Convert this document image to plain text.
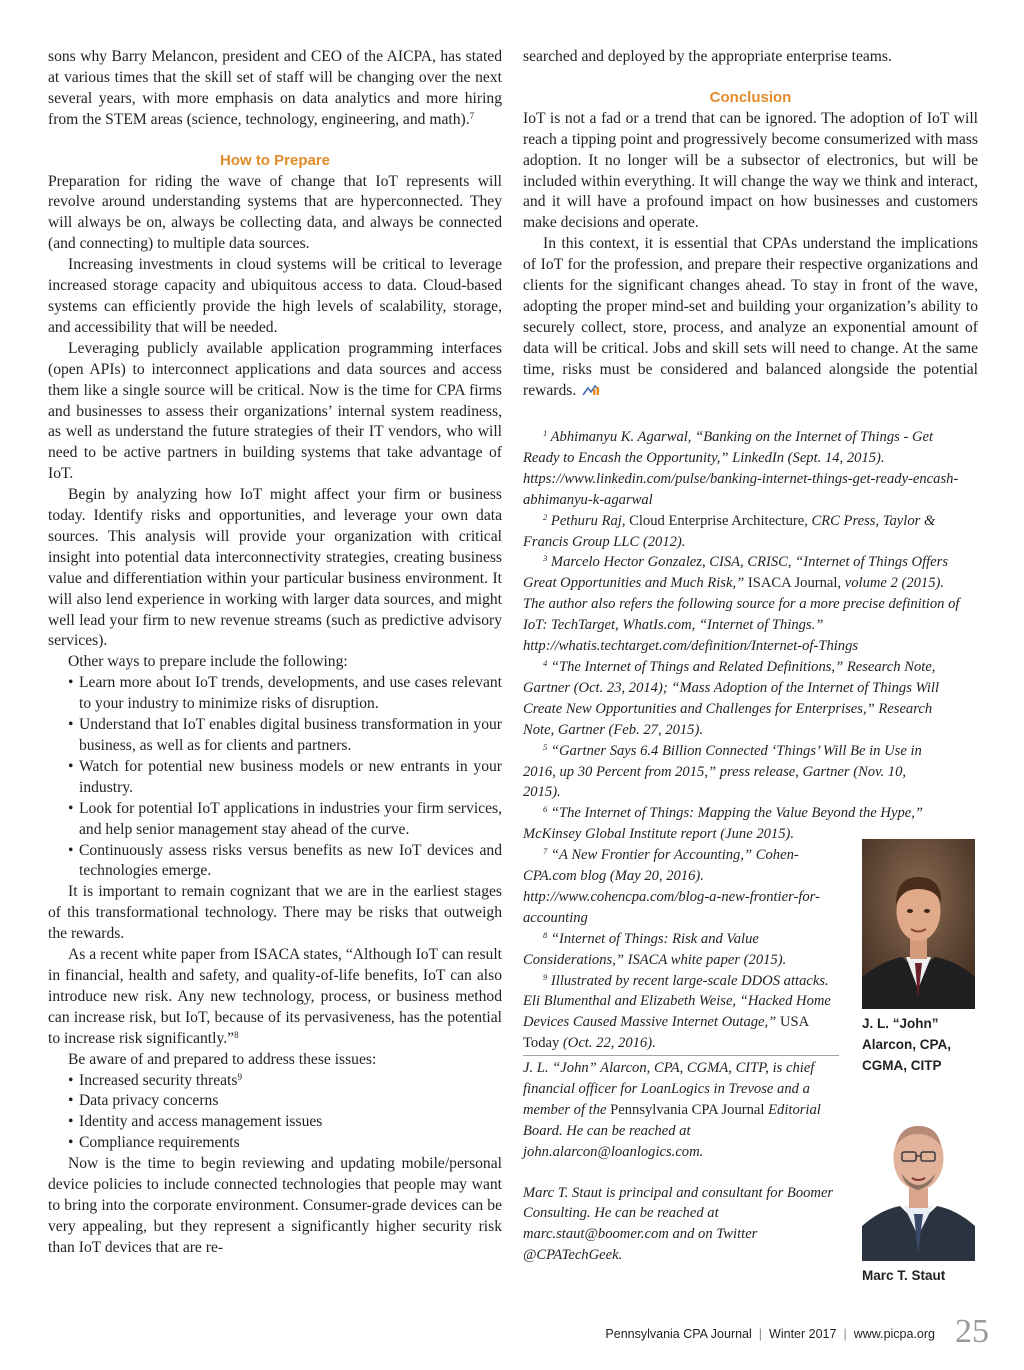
sons why Barry Melancon, president and CEO of the AICPA, has stated at various times that the skill set of staff will be changing over the next several years, with more emphasis on data analytics and more hiring from the STEM areas (science, technology, engineering, and math).$^7$

How to Prepare

Preparation for riding the wave of change that IoT represents will revolve around understanding systems that are hyperconnected. They will always be on, always be collecting data, and always be connected (and connecting) to multiple data sources.

Increasing investments in cloud systems will be critical to leverage increased storage capacity and ubiquitous access to data. Cloud-based systems can efficiently provide the high levels of scalability, storage, and accessibility that will be needed.

Leveraging publicly available application programming interfaces (open APIs) to interconnect applications and data sources and access them like a single source will be critical. Now is the time for CPA firms and businesses to assess their organizations’ internal system readiness, as well as understand the future strategies of their IT vendors, who will need to be active partners in building systems that take advantage of IoT.

Begin by analyzing how IoT might affect your firm or business today. Identify risks and opportunities, and leverage your own data sources. This analysis will provide your organization with critical insight into potential data interconnectivity strategies, creating business value and differentiation within your particular business environment. It will also lend experience in working with larger data sources, and might well lead your firm to new revenue streams (such as predictive advisory services).

Other ways to prepare include the following:

• Learn more about IoT trends, developments, and use cases relevant to your industry to minimize risks of disruption.
• Understand that IoT enables digital business transformation in your business, as well as for clients and partners.
• Watch for potential new business models or new entrants in your industry.
• Look for potential IoT applications in industries your firm services, and help senior management stay ahead of the curve.
• Continuously assess risks versus benefits as new IoT devices and technologies emerge.

It is important to remain cognizant that we are in the earliest stages of this transformational technology. There may be risks that outweigh the rewards.

As a recent white paper from ISACA states, “Although IoT can result in financial, health and safety, and quality-of-life benefits, IoT can also introduce new risk. Any new technology, process, or business method can increase risk, but IoT, because of its pervasiveness, has the potential to increase risk significantly.”$^8$

Be aware of and prepared to address these issues:

• Increased security threats$^9$
• Data privacy concerns
• Identity and access management issues
• Compliance requirements

Now is the time to begin reviewing and updating mobile/personal device policies to include connected technologies that people may want to bring into the corporate environment. Consumer-grade devices can be very appealing, but they represent a significantly higher security risk than IoT devices that are re-

searched and deployed by the appropriate enterprise teams.

Conclusion

IoT is not a fad or a trend that can be ignored. The adoption of IoT will reach a tipping point and progressively become consumerized with mass adoption. It no longer will be a subsector of electronics, but will be included within everything. It will change the way we think and interact, and it will have a profound impact on how businesses and customers make decisions and operate.

In this context, it is essential that CPAs understand the implications of IoT for the profession, and prepare their respective organizations and clients for the significant changes ahead. To stay in front of the wave, adopting the proper mind-set and building your organization’s ability to securely collect, store, process, and analyze an exponential amount of data will be critical. Jobs and skill sets will need to change. At the same time, risks must be considered and balanced alongside the potential rewards.

$^1$ Abhimanyu K. Agarwal, “Banking on the Internet of Things - Get Ready to Encash the Opportunity,” LinkedIn (Sept. 14, 2015). https://www.linkedin.com/pulse/banking-internet-things-get-ready-encash-abhimanyu-k-agarwal

$^2$ Pethuru Raj, Cloud Enterprise Architecture, CRC Press, Taylor & Francis Group LLC (2012).

$^3$ Marcelo Hector Gonzalez, CISA, CRISC, “Internet of Things Offers Great Opportunities and Much Risk,” ISACA Journal, volume 2 (2015). The author also refers the following source for a more precise definition of IoT: TechTarget, WhatIs.com, “Internet of Things.” http://whatis.techtarget.com/definition/Internet-of-Things

$^4$ “The Internet of Things and Related Definitions,” Research Note, Gartner (Oct. 23, 2014); “Mass Adoption of the Internet of Things Will Create New Opportunities and Challenges for Enterprises,” Research Note, Gartner (Feb. 27, 2015).

$^5$ “Gartner Says 6.4 Billion Connected ‘Things’ Will Be in Use in 2016, up 30 Percent from 2015,” press release, Gartner (Nov. 10, 2015).

$^6$ “The Internet of Things: Mapping the Value Beyond the Hype,” McKinsey Global Institute report (June 2015).

$^7$ “A New Frontier for Accounting,” Cohen-CPA.com blog (May 20, 2016). http://www.cohencpa.com/blog-a-new-frontier-for-accounting

$^8$ “Internet of Things: Risk and Value Considerations,” ISACA white paper (2015).

$^9$ Illustrated by recent large-scale DDOS attacks. Eli Blumenthal and Elizabeth Weise, “Hacked Home Devices Caused Massive Internet Outage,” USA Today (Oct. 22, 2016).

J. L. “John” Alarcon, CPA, CGMA, CITP, is chief financial officer for LoanLogics in Trevose and a member of the Pennsylvania CPA Journal Editorial Board. He can be reached at john.alarcon@loanlogics.com.

Marc T. Staut is principal and consultant for Boomer Consulting. He can be reached at marc.staut@boomer.com and on Twitter @CPATechGeek.

J. L. “John” Alarcon, CPA, CGMA, CITP
Marc T. Staut
Pennsylvania CPA Journal | Winter 2017 | www.picpa.org 25
